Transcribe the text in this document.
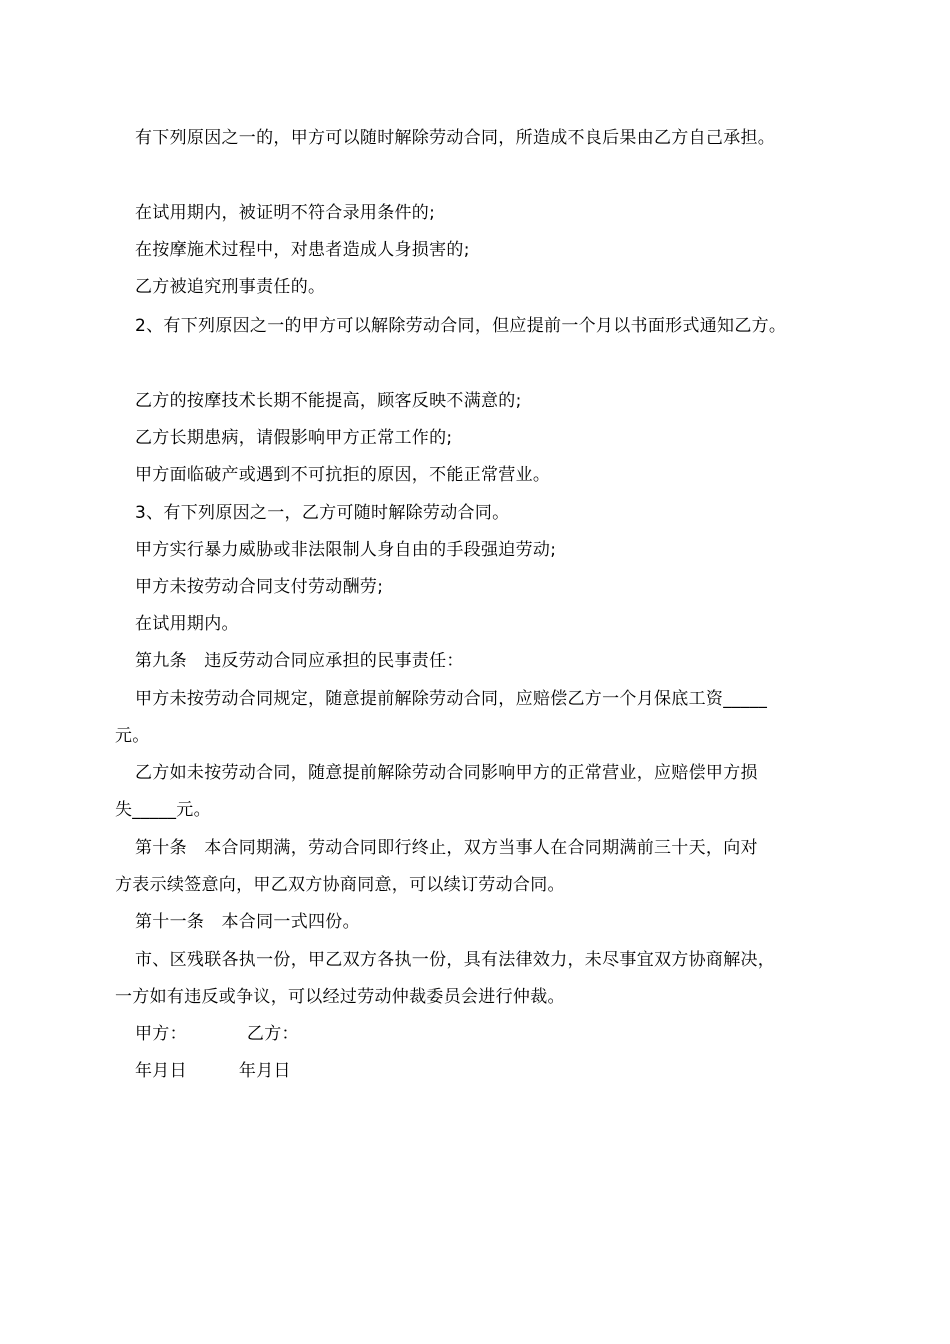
有下列原因之一的，甲方可以随时解除劳动合同，所造成不良后果由乙方自己承担。
在试用期内，被证明不符合录用条件的;
在按摩施术过程中，对患者造成人身损害的;
乙方被追究刑事责任的。
2、有下列原因之一的甲方可以解除劳动合同，但应提前一个月以书面形式通知乙方。
乙方的按摩技术长期不能提高，顾客反映不满意的;
乙方长期患病，请假影响甲方正常工作的;
甲方面临破产或遇到不可抗拒的原因，不能正常营业。
3、有下列原因之一，乙方可随时解除劳动合同。
甲方实行暴力威胁或非法限制人身自由的手段强迫劳动;
甲方未按劳动合同支付劳动酬劳;
在试用期内。
第九条　违反劳动合同应承担的民事责任：
甲方未按劳动合同规定，随意提前解除劳动合同，应赔偿乙方一个月保底工资_____
元。
乙方如未按劳动合同，随意提前解除劳动合同影响甲方的正常营业，应赔偿甲方损
失_____元。
第十条　本合同期满，劳动合同即行终止，双方当事人在合同期满前三十天，向对
方表示续签意向，甲乙双方协商同意，可以续订劳动合同。
第十一条　本合同一式四份。
市、区残联各执一份，甲乙双方各执一份，具有法律效力，未尽事宜双方协商解决，
一方如有违反或争议，可以经过劳动仲裁委员会进行仲裁。
甲方：	乙方：
年月日	年月日
